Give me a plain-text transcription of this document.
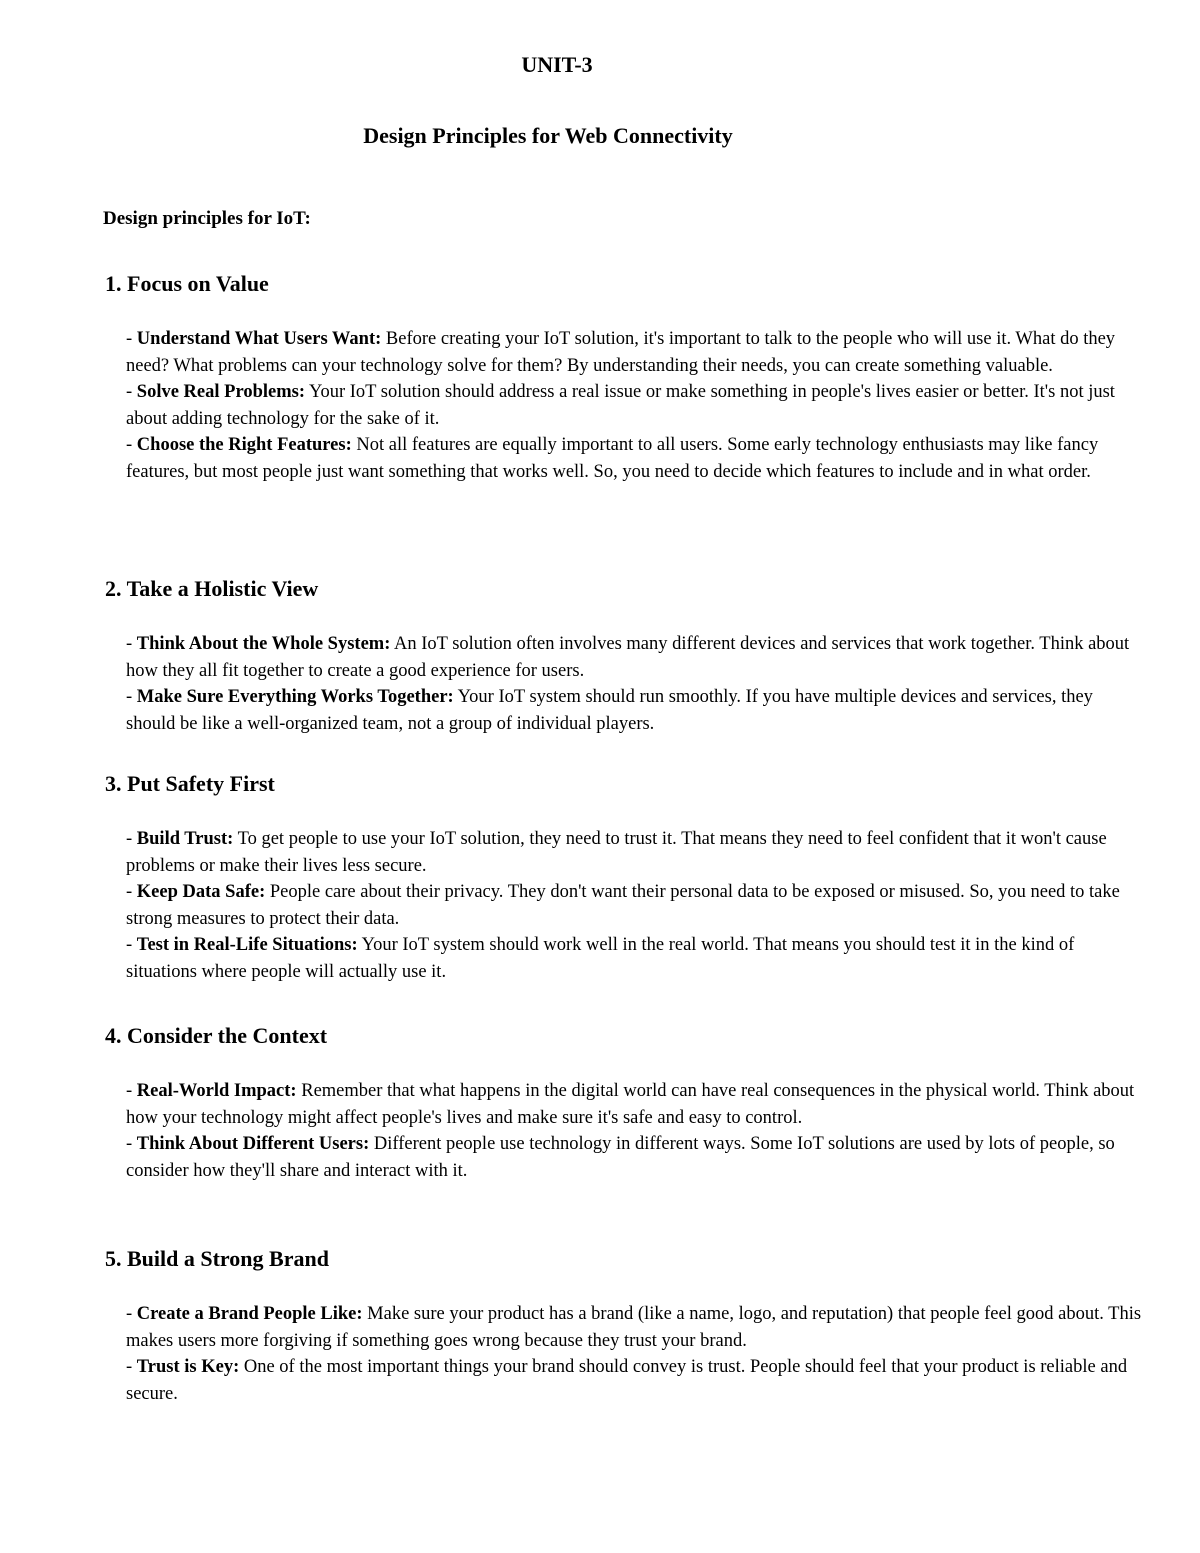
UNIT-3
Design Principles for Web Connectivity
Design principles for IoT:
1. Focus on Value

- Understand What Users Want: Before creating your IoT solution, it's important to talk to the people who will use it. What do they need? What problems can your technology solve for them? By understanding their needs, you can create something valuable.

- Solve Real Problems: Your IoT solution should address a real issue or make something in people's lives easier or better. It's not just about adding technology for the sake of it.

- Choose the Right Features: Not all features are equally important to all users. Some early technology enthusiasts may like fancy features, but most people just want something that works well. So, you need to decide which features to include and in what order.

2. Take a Holistic View

- Think About the Whole System: An IoT solution often involves many different devices and services that work together. Think about how they all fit together to create a good experience for users.

- Make Sure Everything Works Together: Your IoT system should run smoothly. If you have multiple devices and services, they should be like a well-organized team, not a group of individual players.

3. Put Safety First

- Build Trust: To get people to use your IoT solution, they need to trust it. That means they need to feel confident that it won't cause problems or make their lives less secure.

- Keep Data Safe: People care about their privacy. They don't want their personal data to be exposed or misused. So, you need to take strong measures to protect their data.

- Test in Real-Life Situations: Your IoT system should work well in the real world. That means you should test it in the kind of situations where people will actually use it.

4. Consider the Context

- Real-World Impact: Remember that what happens in the digital world can have real consequences in the physical world. Think about how your technology might affect people's lives and make sure it's safe and easy to control.

- Think About Different Users: Different people use technology in different ways. Some IoT solutions are used by lots of people, so consider how they'll share and interact with it.

5. Build a Strong Brand

- Create a Brand People Like: Make sure your product has a brand (like a name, logo, and reputation) that people feel good about. This makes users more forgiving if something goes wrong because they trust your brand.

- Trust is Key: One of the most important things your brand should convey is trust. People should feel that your product is reliable and secure.
